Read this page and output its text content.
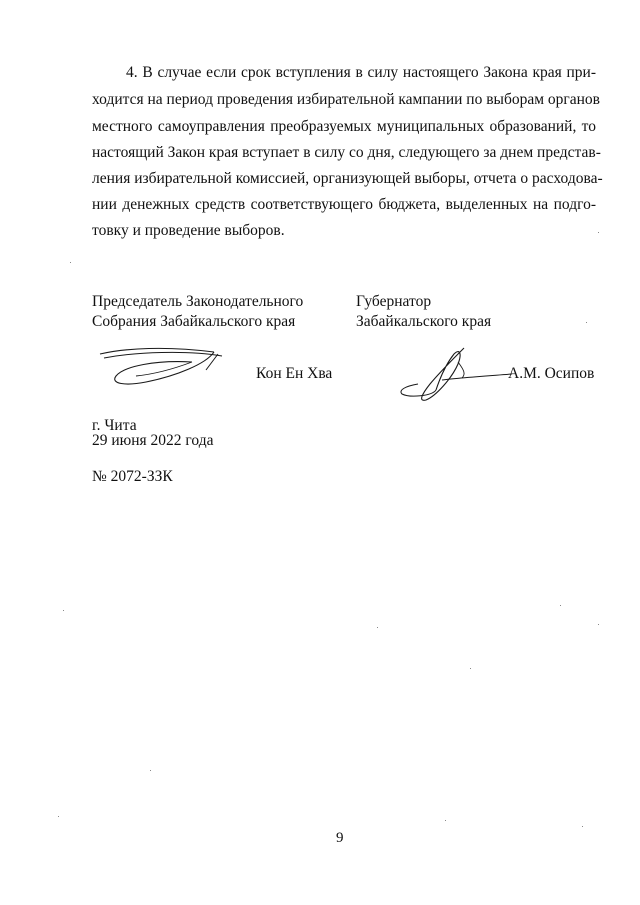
4. В случае если срок вступления в силу настоящего Закона края при-
ходится на период проведения избирательной кампании по выборам органов
местного самоуправления преобразуемых муниципальных образований, то
настоящий Закон края вступает в силу со дня, следующего за днем представ-
ления избирательной комиссией, организующей выборы, отчета о расходова-
нии денежных средств соответствующего бюджета, выделенных на подго-
товку и проведение выборов.
Председатель Законодательного
Собрания Забайкальского края
Губернатор
Забайкальского края
Кон Ен Хва	А.М. Осипов
г. Чита
29 июня 2022 года
№ 2072-ЗЗК
9
